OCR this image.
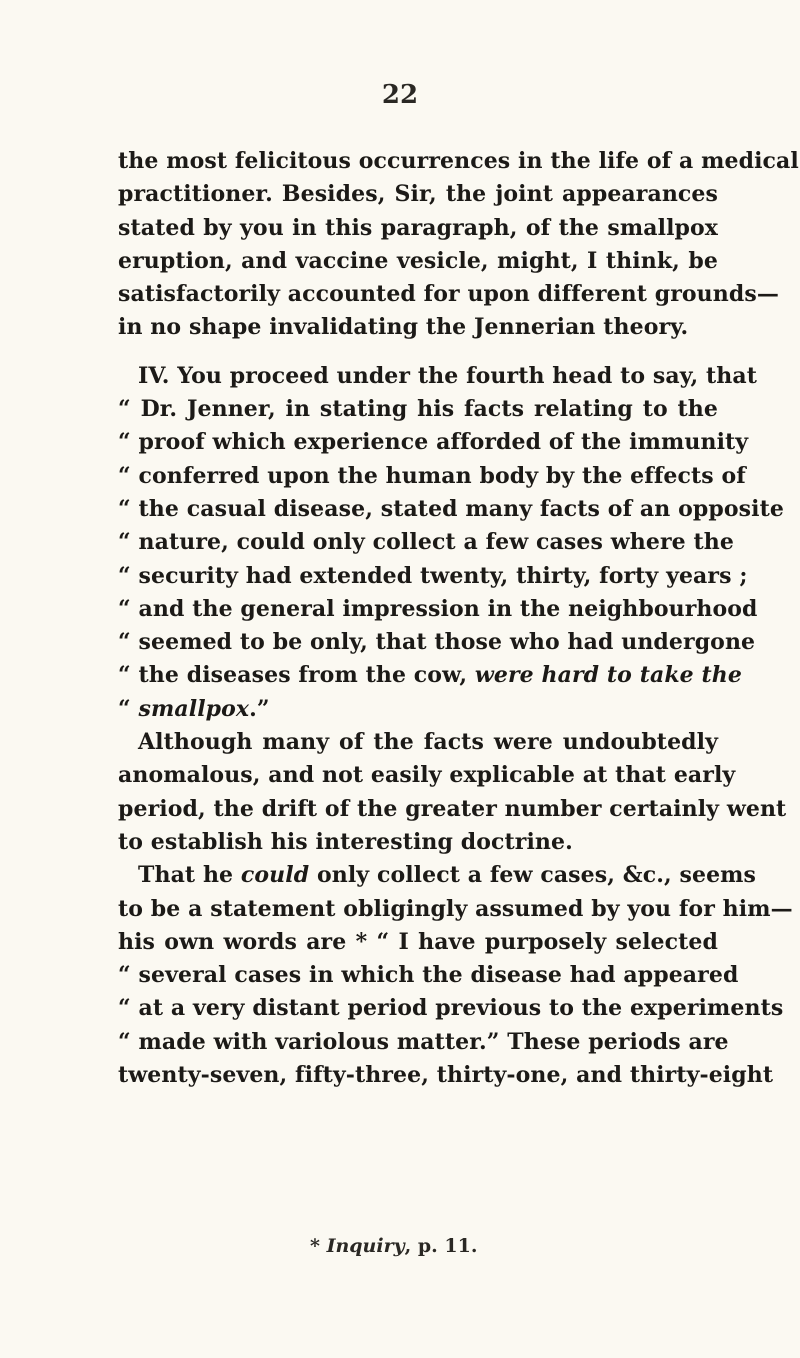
22
the most felicitous occurrences in the life of a medical
practitioner. Besides, Sir, the joint appearances
stated by you in this paragraph, of the smallpox
eruption, and vaccine vesicle, might, I think, be
satisfactorily accounted for upon different grounds—
in no shape invalidating the Jennerian theory.
IV. You proceed under the fourth head to say, that
“ Dr. Jenner, in stating his facts relating to the
“ proof which experience afforded of the immunity
“ conferred upon the human body by the effects of
“ the casual disease, stated many facts of an opposite
“ nature, could only collect a few cases where the
“ security had extended twenty, thirty, forty years ;
“ and the general impression in the neighbourhood
“ seemed to be only, that those who had undergone
“ the diseases from the cow, were hard to take the
“ smallpox.”
Although many of the facts were undoubtedly
anomalous, and not easily explicable at that early
period, the drift of the greater number certainly went
to establish his interesting doctrine.
That he could only collect a few cases, &c., seems
to be a statement obligingly assumed by you for him—
his own words are * “ I have purposely selected
“ several cases in which the disease had appeared
“ at a very distant period previous to the experiments
“ made with variolous matter.” These periods are
twenty-seven, fifty-three, thirty-one, and thirty-eight
* Inquiry, p. 11.
